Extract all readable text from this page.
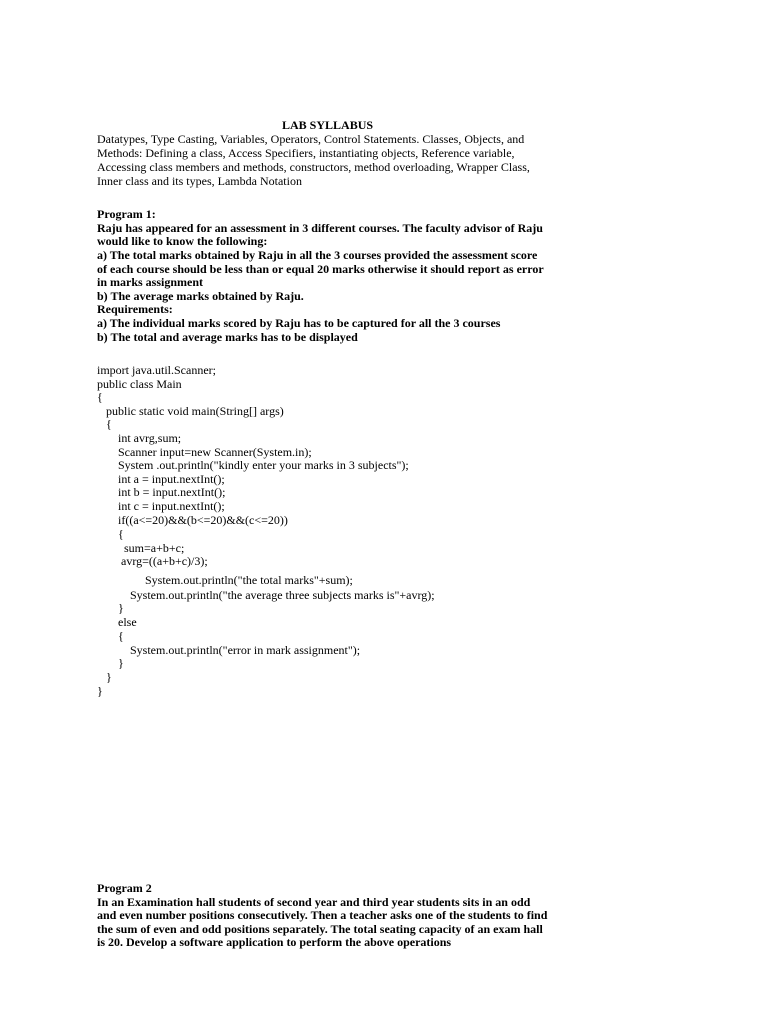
LAB SYLLABUS
Datatypes, Type Casting, Variables, Operators, Control Statements. Classes, Objects, and
Methods: Defining a class, Access Specifiers, instantiating objects, Reference variable,
Accessing class members and methods, constructors, method overloading, Wrapper Class,
Inner class and its types, Lambda Notation
Program 1:
Raju has appeared for an assessment in 3 different courses. The faculty advisor of Raju
would like to know the following:
a) The total marks obtained by Raju in all the 3 courses provided the assessment score
of each course should be less than or equal 20 marks otherwise it should report as error
in marks assignment
b) The average marks obtained by Raju.
Requirements:
a) The individual marks scored by Raju has to be captured for all the 3 courses
b) The total and average marks has to be displayed
import java.util.Scanner;
public class Main
{
public static void main(String[] args)
{
int avrg,sum;
Scanner input=new Scanner(System.in);
System .out.println("kindly enter your marks in 3 subjects");
int a = input.nextInt();
int b = input.nextInt();
int c = input.nextInt();
if((a<=20)&&(b<=20)&&(c<=20))
{
sum=a+b+c;
avrg=((a+b+c)/3);
System.out.println("the total marks"+sum);
System.out.println("the average three subjects marks is"+avrg);
}
else
{
System.out.println("error in mark assignment");
}
}
}
Program 2
In an Examination hall students of second year and third year students sits in an odd
and even number positions consecutively. Then a teacher asks one of the students to find
the sum of even and odd positions separately. The total seating capacity of an exam hall
is 20. Develop a software application to perform the above operations
